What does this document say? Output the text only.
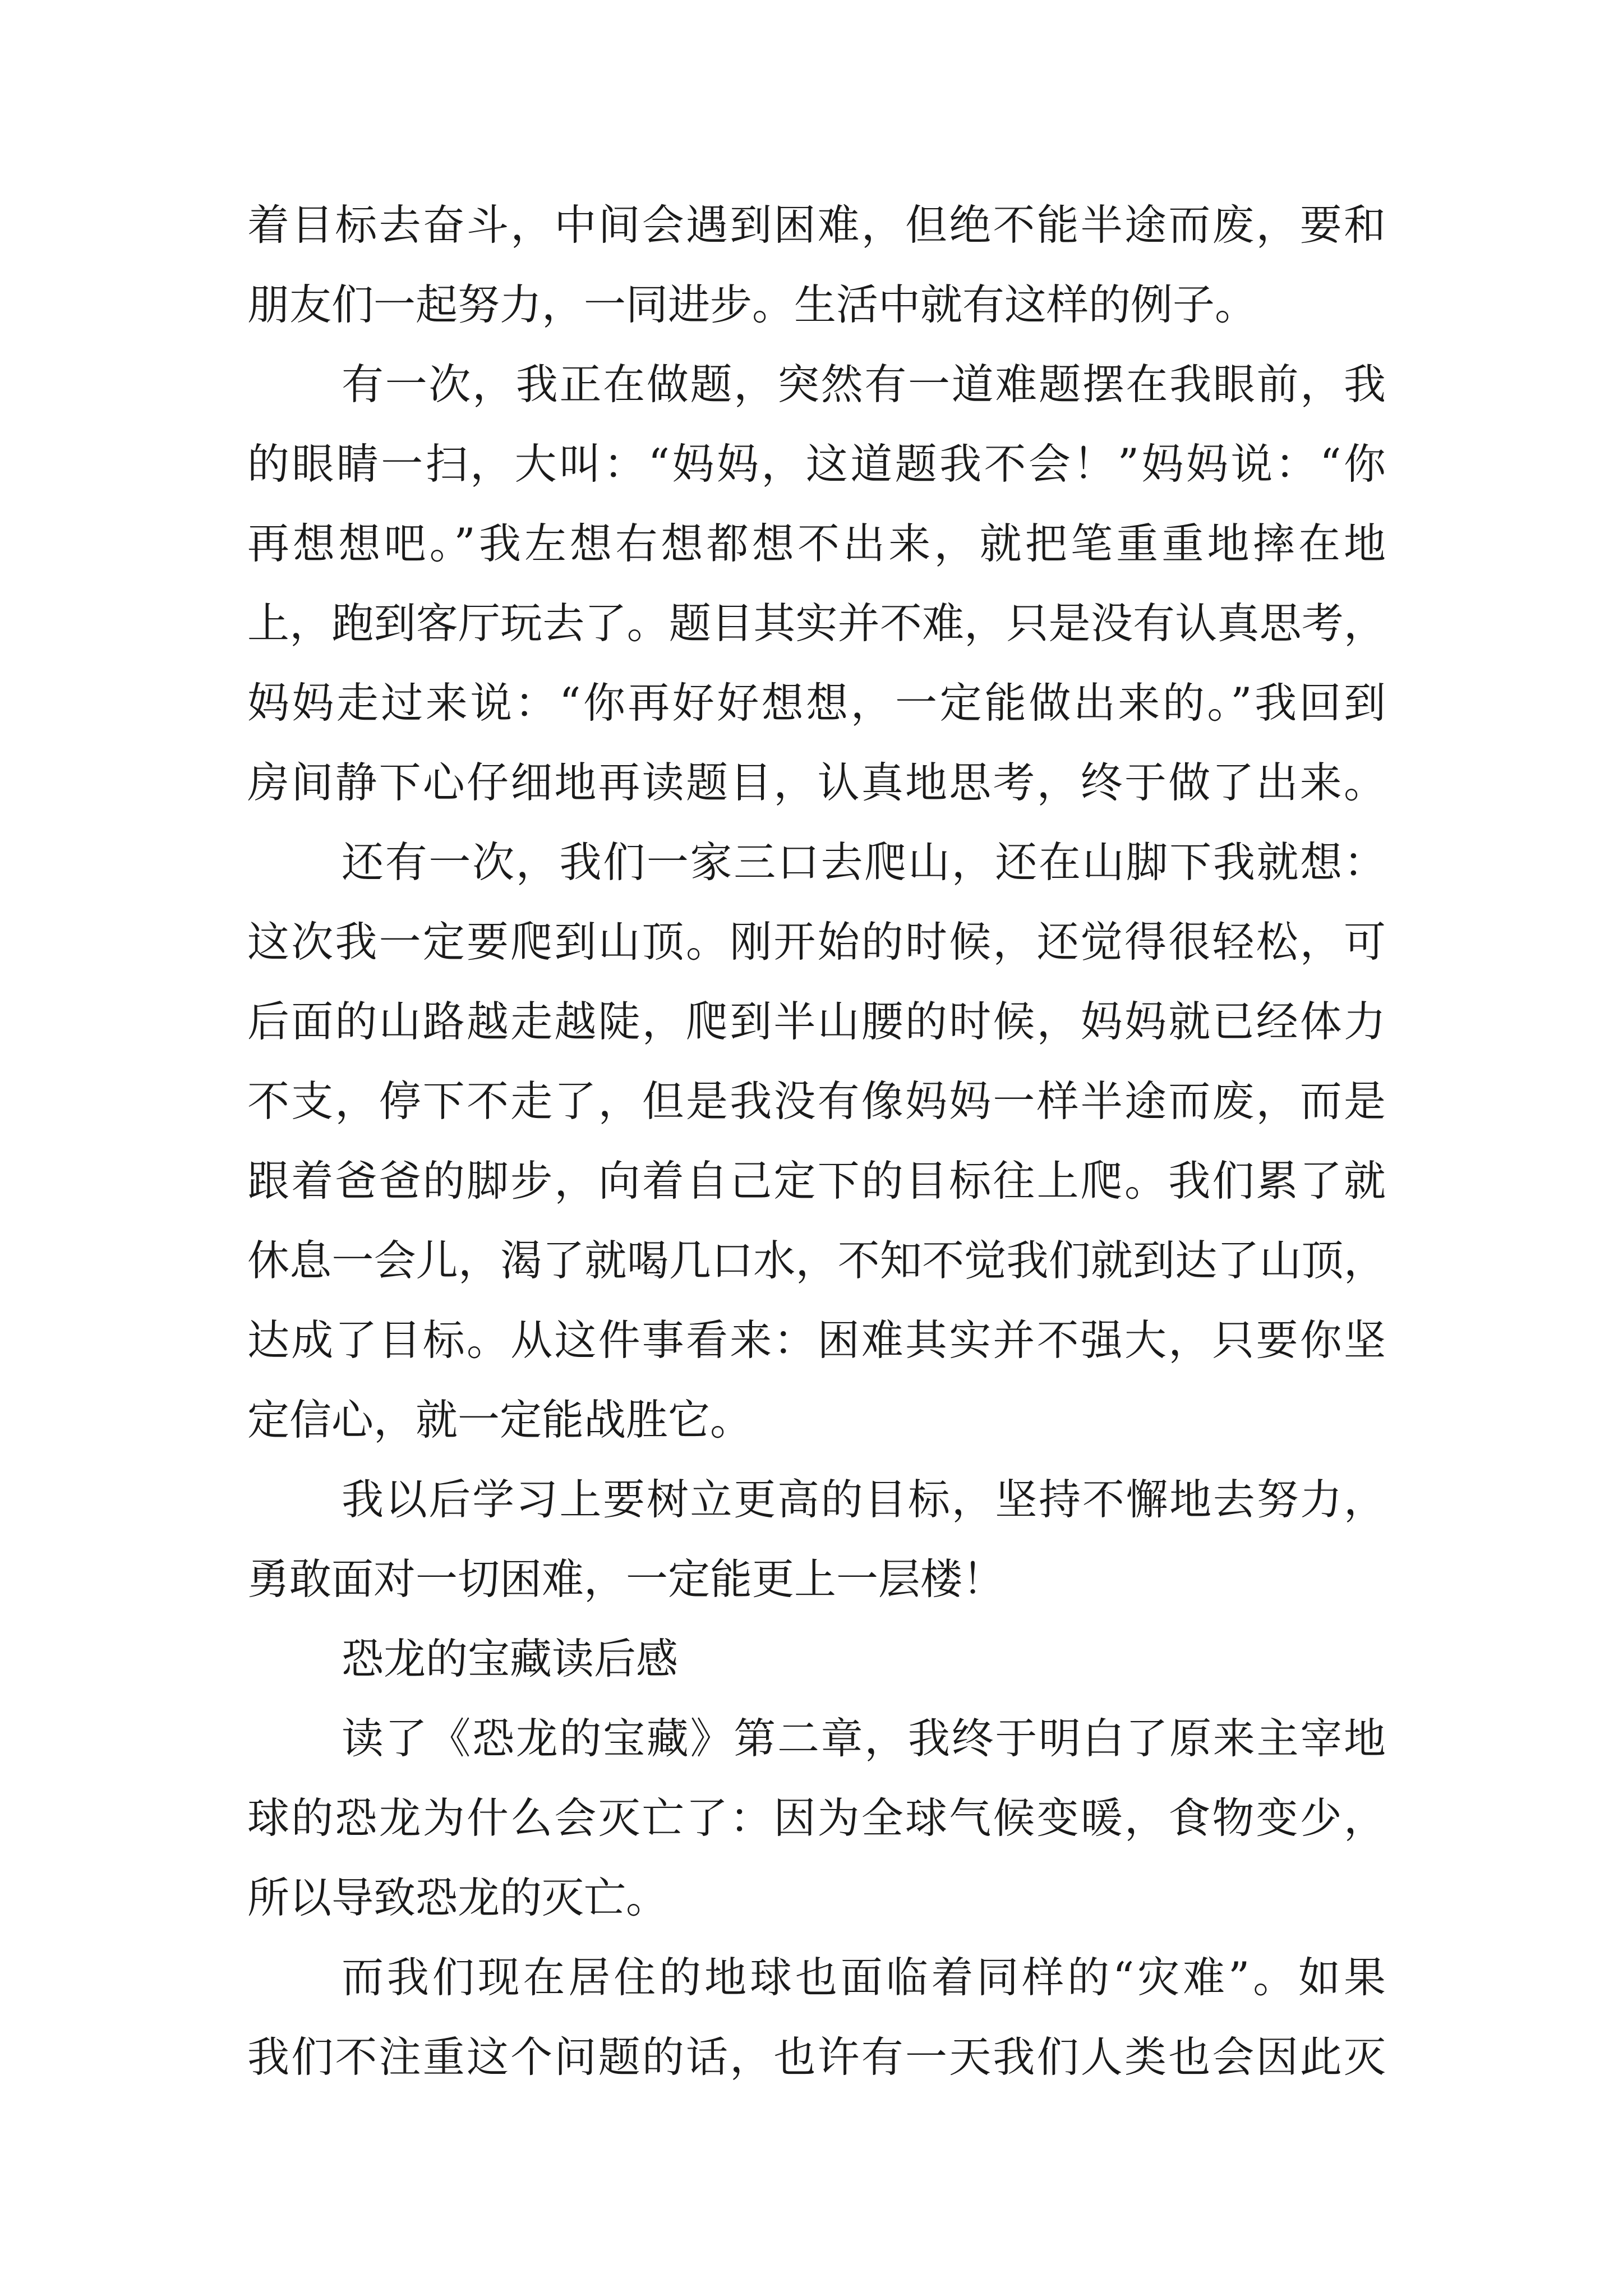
着目标去奋斗，中间会遇到困难，但绝不能半途而废，要和
朋友们一起努力，一同进步。生活中就有这样的例子。
有一次，我正在做题，突然有一道难题摆在我眼前，我
的眼睛一扫，大叫：“妈妈，这道题我不会！”妈妈说：“你
再想想吧。”我左想右想都想不出来，就把笔重重地摔在地
上，跑到客厅玩去了。题目其实并不难，只是没有认真思考，
妈妈走过来说：“你再好好想想，一定能做出来的。”我回到
房间静下心仔细地再读题目，认真地思考，终于做了出来。
还有一次，我们一家三口去爬山，还在山脚下我就想：
这次我一定要爬到山顶。刚开始的时候，还觉得很轻松，可
后面的山路越走越陡，爬到半山腰的时候，妈妈就已经体力
不支，停下不走了，但是我没有像妈妈一样半途而废，而是
跟着爸爸的脚步，向着自己定下的目标往上爬。我们累了就
休息一会儿，渴了就喝几口水，不知不觉我们就到达了山顶，
达成了目标。从这件事看来：困难其实并不强大，只要你坚
定信心，就一定能战胜它。
我以后学习上要树立更高的目标，坚持不懈地去努力，
勇敢面对一切困难，一定能更上一层楼！
恐龙的宝藏读后感
读了《恐龙的宝藏》第二章，我终于明白了原来主宰地
球的恐龙为什么会灭亡了：因为全球气候变暖，食物变少，
所以导致恐龙的灭亡。
而我们现在居住的地球也面临着同样的“灾难”。如果
我们不注重这个问题的话，也许有一天我们人类也会因此灭
